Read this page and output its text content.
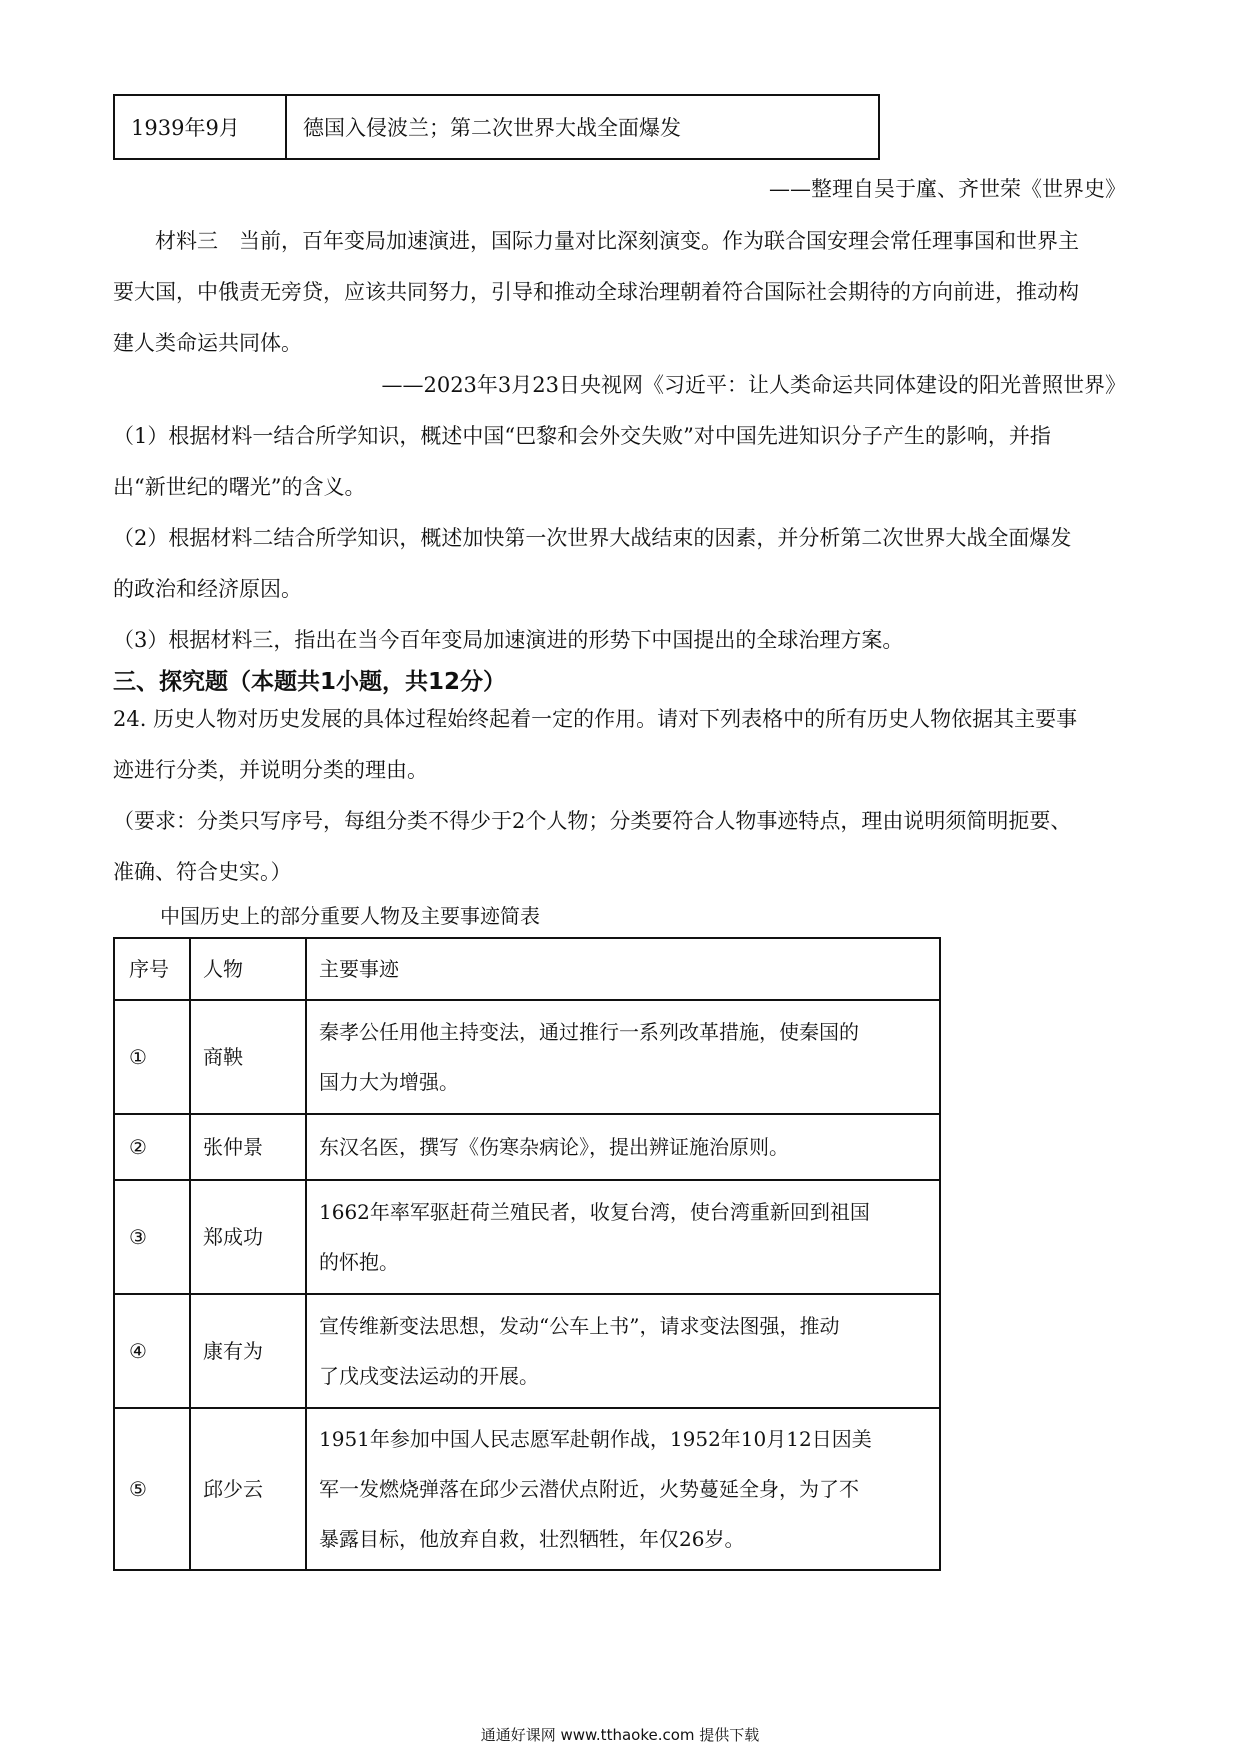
1939年9月	德国入侵波兰；第二次世界大战全面爆发
——整理自吴于廑、齐世荣《世界史》
材料三　当前，百年变局加速演进，国际力量对比深刻演变。作为联合国安理会常任理事国和世界主
要大国，中俄责无旁贷，应该共同努力，引导和推动全球治理朝着符合国际社会期待的方向前进，推动构
建人类命运共同体。
——2023年3月23日央视网《习近平：让人类命运共同体建设的阳光普照世界》
（1）根据材料一结合所学知识，概述中国“巴黎和会外交失败”对中国先进知识分子产生的影响，并指
出“新世纪的曙光”的含义。
（2）根据材料二结合所学知识，概述加快第一次世界大战结束的因素，并分析第二次世界大战全面爆发
的政治和经济原因。
（3）根据材料三，指出在当今百年变局加速演进的形势下中国提出的全球治理方案。
三、探究题（本题共1小题，共12分）
24. 历史人物对历史发展的具体过程始终起着一定的作用。请对下列表格中的所有历史人物依据其主要事
迹进行分类，并说明分类的理由。
（要求：分类只写序号，每组分类不得少于2个人物；分类要符合人物事迹特点，理由说明须简明扼要、
准确、符合史实。）
中国历史上的部分重要人物及主要事迹简表
序号	人物	主要事迹
①	商鞅	秦孝公任用他主持变法，通过推行一系列改革措施，使秦国的
国力大为增强。

②	张仲景	东汉名医，撰写《伤寒杂病论》，提出辨证施治原则。

③	郑成功	1662年率军驱赶荷兰殖民者，收复台湾，使台湾重新回到祖国
的怀抱。

④	康有为	宣传维新变法思想，发动“公车上书”，请求变法图强，推动
了戊戌变法运动的开展。

⑤	邱少云	1951年参加中国人民志愿军赴朝作战，1952年10月12日因美
军一发燃烧弹落在邱少云潜伏点附近，火势蔓延全身，为了不
暴露目标，他放弃自救，壮烈牺牲，年仅26岁。
通通好课网 www.tthaoke.com 提供下载
